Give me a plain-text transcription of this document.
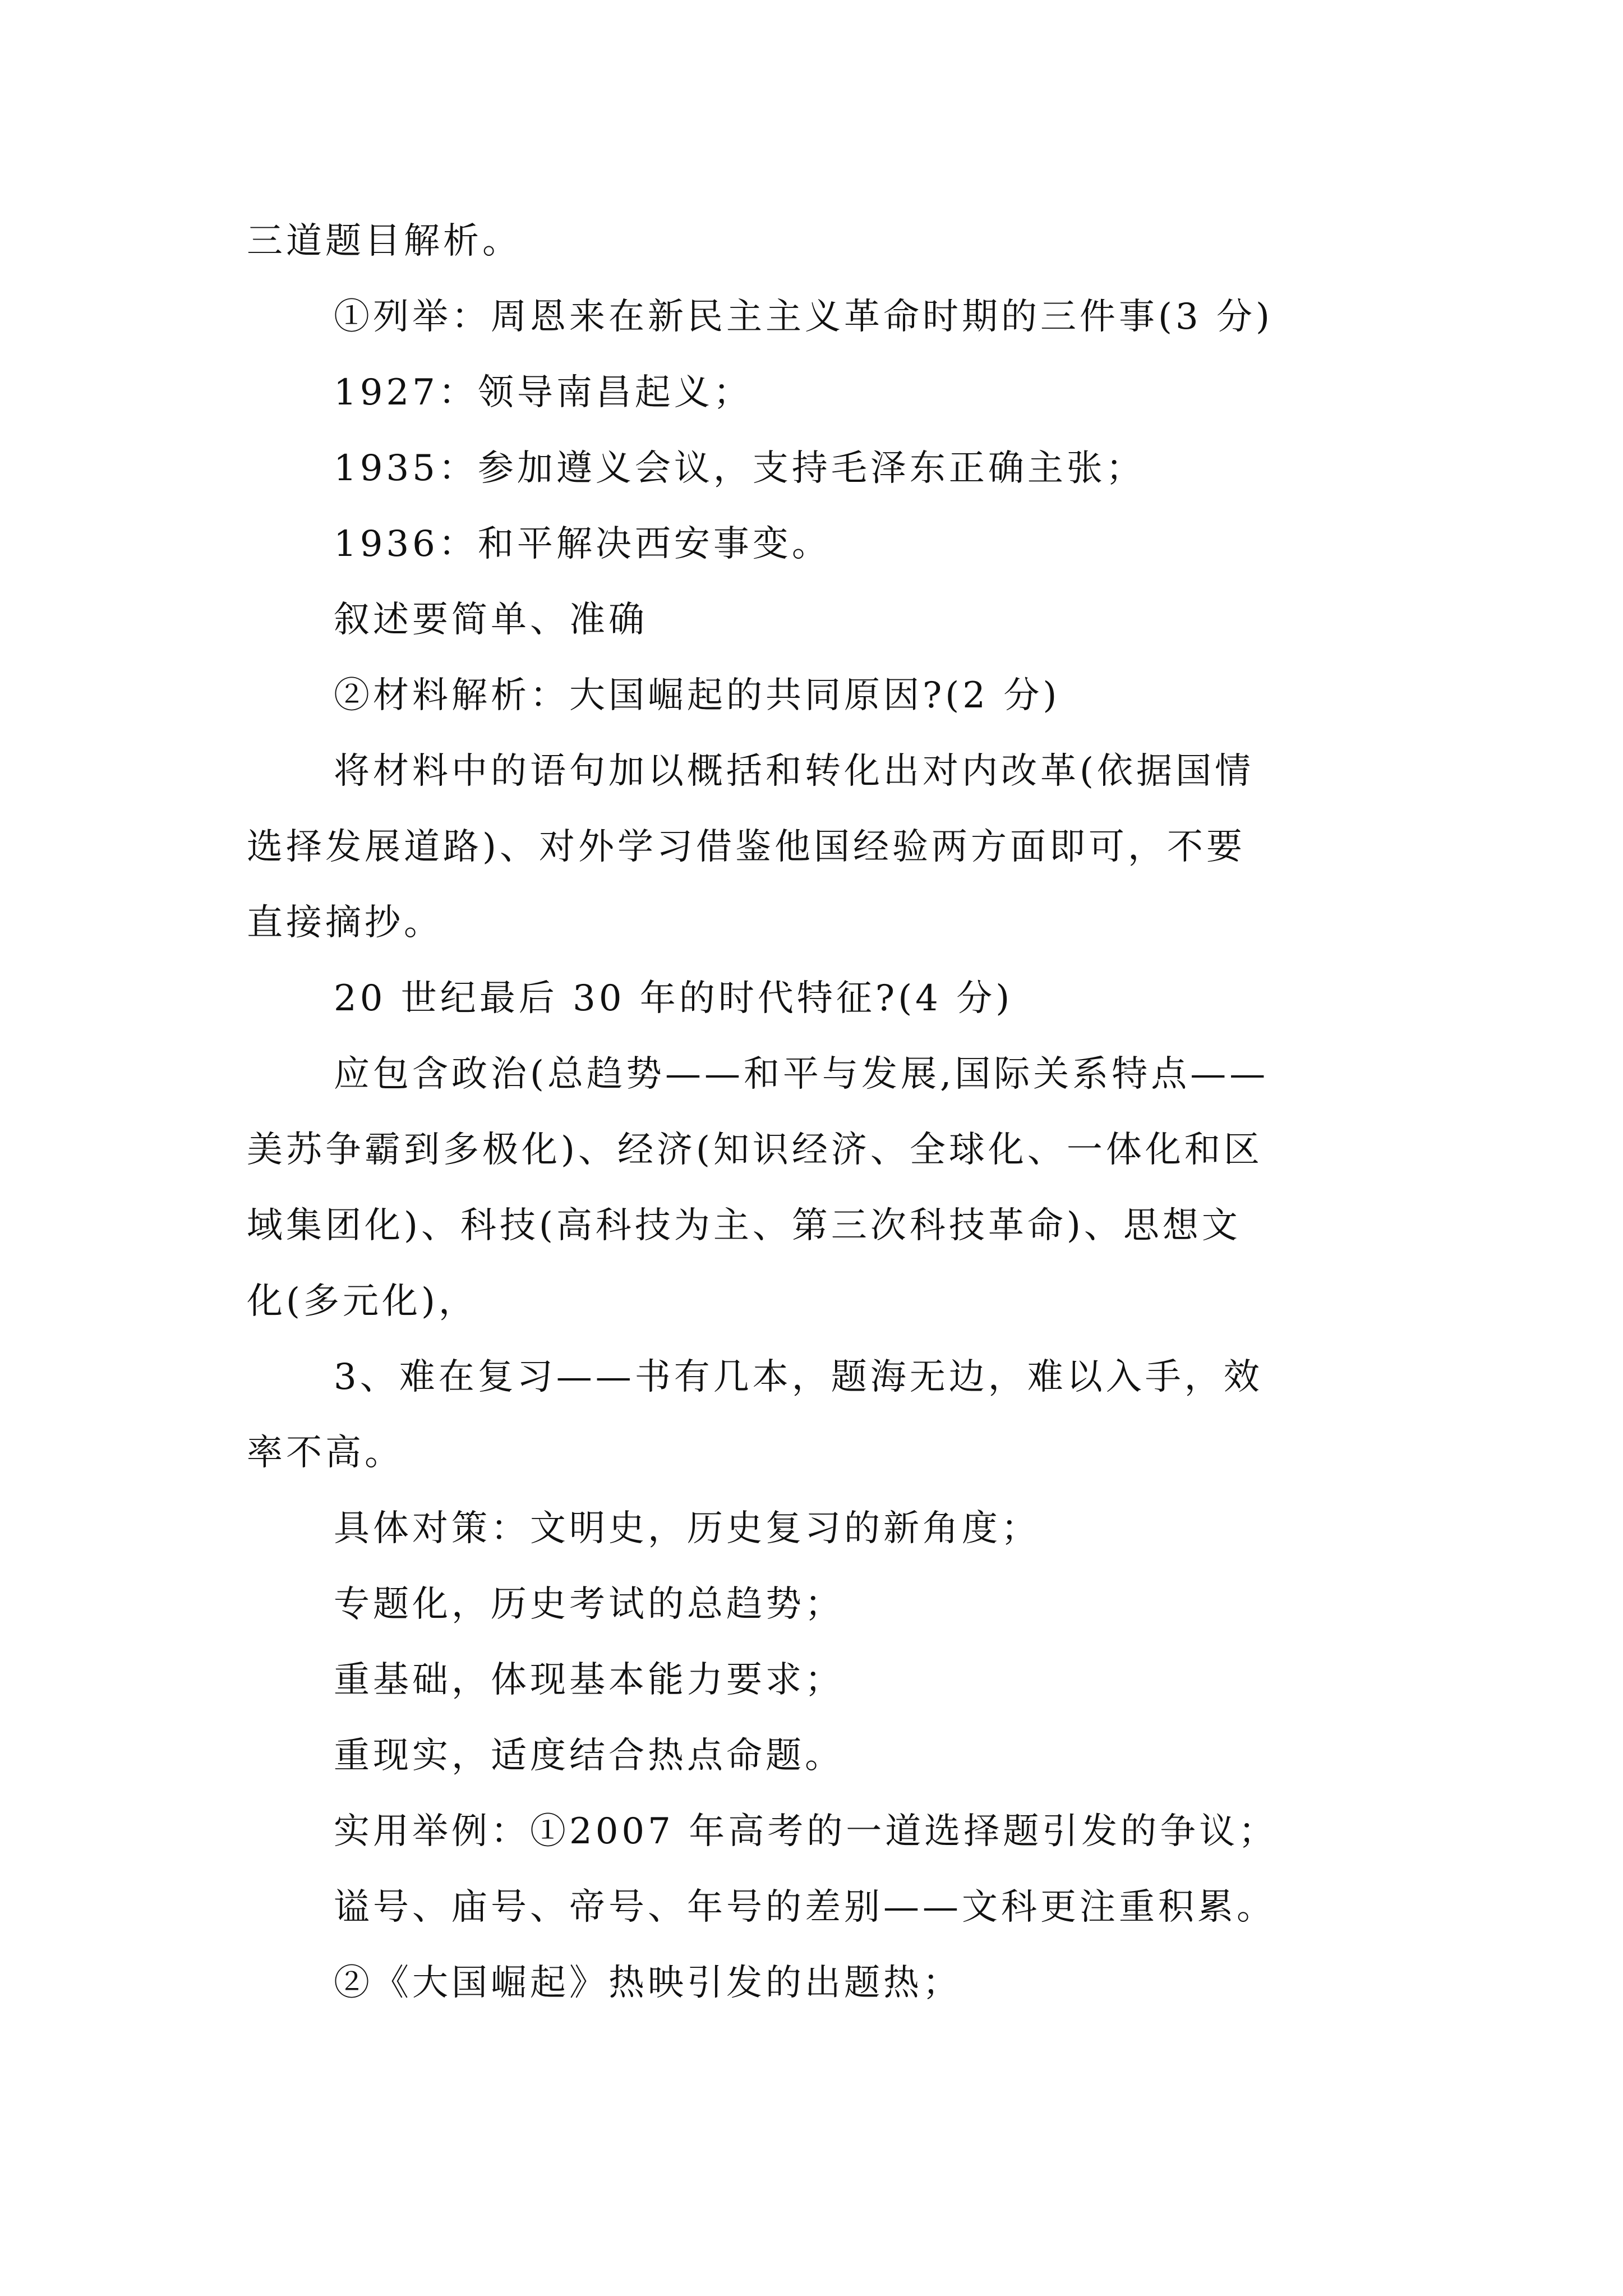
三道题目解析。
①列举：周恩来在新民主主义革命时期的三件事(3 分)
1927：领导南昌起义；
1935：参加遵义会议，支持毛泽东正确主张；
1936：和平解决西安事变。
叙述要简单、准确
②材料解析：大国崛起的共同原因?(2 分)
将材料中的语句加以概括和转化出对内改革(依据国情
选择发展道路)、对外学习借鉴他国经验两方面即可，不要
直接摘抄。
20 世纪最后 30 年的时代特征?(4 分)
应包含政治(总趋势——和平与发展,国际关系特点——
美苏争霸到多极化)、经济(知识经济、全球化、一体化和区
域集团化)、科技(高科技为主、第三次科技革命)、思想文
化(多元化)，
3、难在复习——书有几本，题海无边，难以入手，效
率不高。
具体对策：文明史，历史复习的新角度；
专题化，历史考试的总趋势；
重基础，体现基本能力要求；
重现实，适度结合热点命题。
实用举例：①2007 年高考的一道选择题引发的争议；
谥号、庙号、帝号、年号的差别——文科更注重积累。
②《大国崛起》热映引发的出题热；
